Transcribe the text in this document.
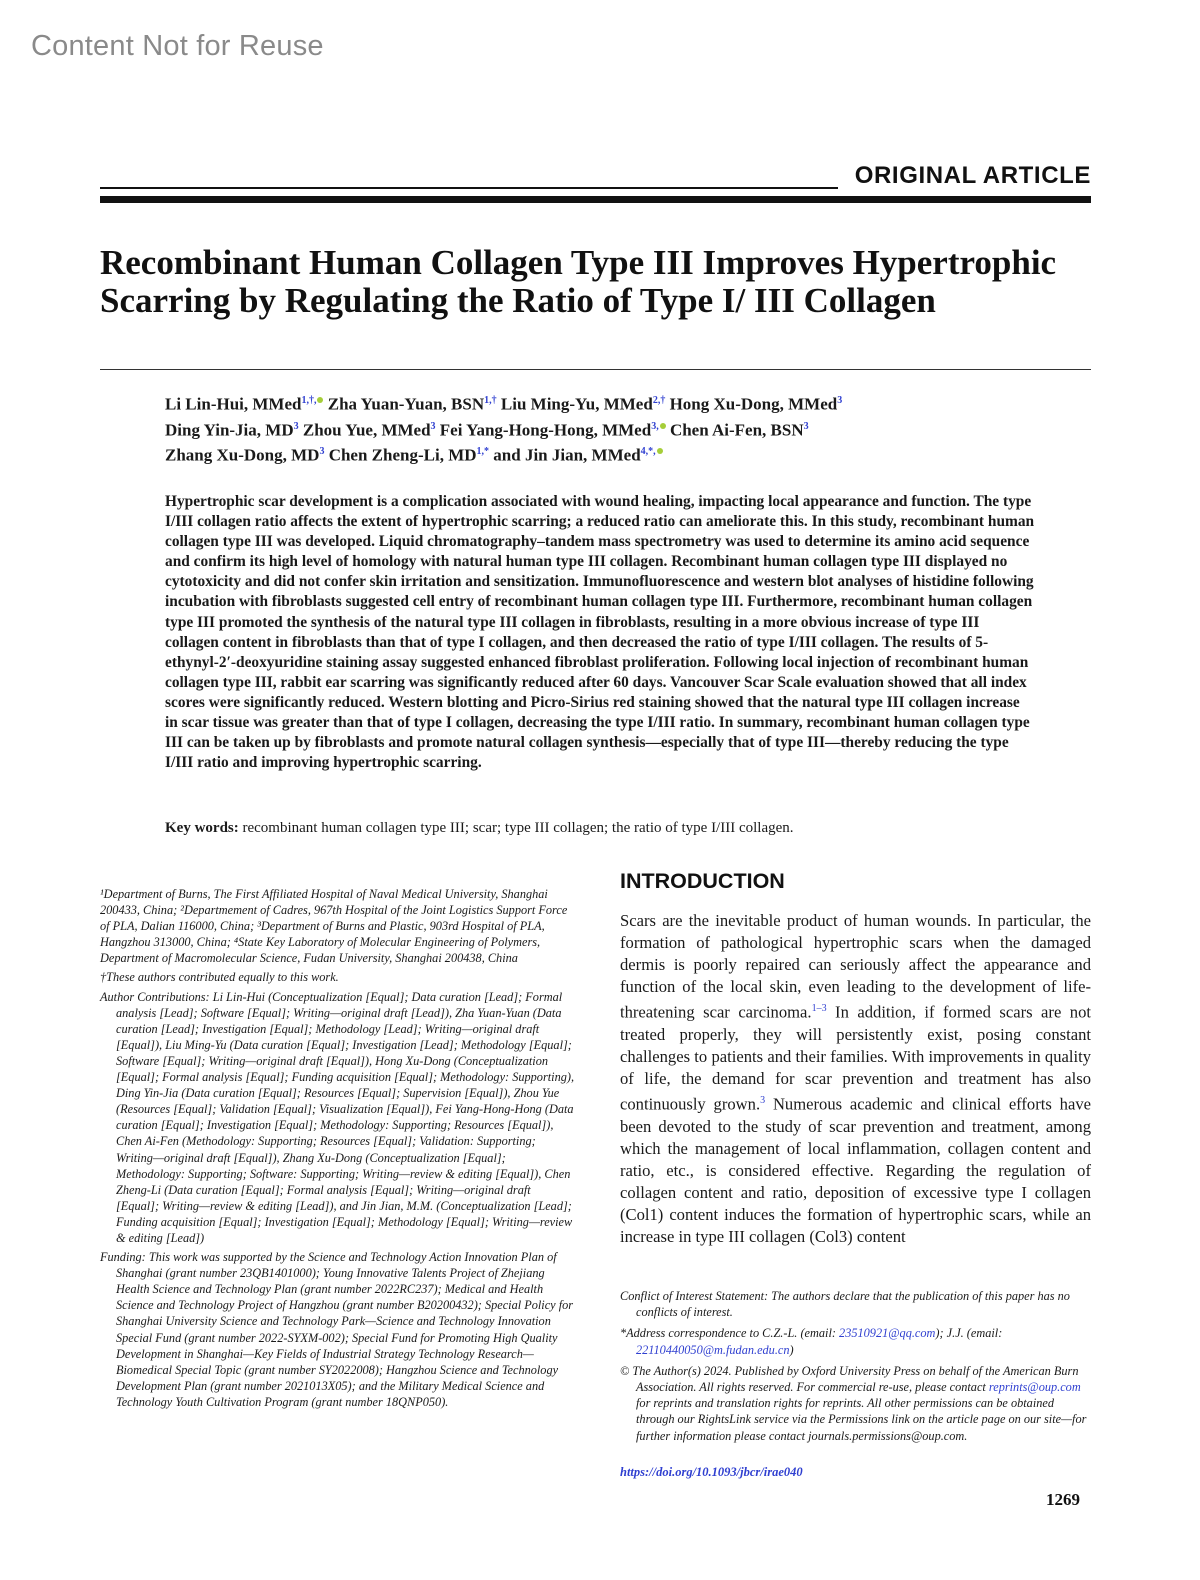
Content Not for Reuse
ORIGINAL ARTICLE
Recombinant Human Collagen Type III Improves Hypertrophic Scarring by Regulating the Ratio of Type I/ III Collagen
Li Lin-Hui, MMed$^{1,\dagger,}$ Zha Yuan-Yuan, $BSN^{1,\dagger}$ Liu Ming-Yu, MMed$^{2,\dagger}$ Hong Xu-Dong, MMed$^3$
Ding Yin-Jia, $MD^3$ Zhou Yue, MMed$^3$ Fei Yang-Hong-Hong, MMed$^{3,}$ Chen Ai-Fen, BSN$^3$
Zhang Xu-Dong, $MD^3$ Chen Zheng-Li, $MD^{1,*}$ and Jin Jian, MMed$^{4,*,}$

Hypertrophic scar development is a complication associated with wound healing, impacting local appearance and function. The type I/III collagen ratio affects the extent of hypertrophic scarring; a reduced ratio can ameliorate this. In this study, recombinant human collagen type III was developed. Liquid chromatography–tandem mass spectrometry was used to determine its amino acid sequence and confirm its high level of homology with natural human type III collagen. Recombinant human collagen type III displayed no cytotoxicity and did not confer skin irritation and sensitization. Immunofluorescence and western blot analyses of histidine following incubation with fibroblasts suggested cell entry of recombinant human collagen type III. Furthermore, recombinant human collagen type III promoted the synthesis of the natural type III collagen in fibroblasts, resulting in a more obvious increase of type III collagen content in fibroblasts than that of type I collagen, and then decreased the ratio of type I/III collagen. The results of 5-ethynyl-2′-deoxyuridine staining assay suggested enhanced fibroblast proliferation. Following local injection of recombinant human collagen type III, rabbit ear scarring was significantly reduced after 60 days. Vancouver Scar Scale evaluation showed that all index scores were significantly reduced. Western blotting and Picro-Sirius red staining showed that the natural type III collagen increase in scar tissue was greater than that of type I collagen, decreasing the type I/III ratio. In summary, recombinant human collagen type III can be taken up by fibroblasts and promote natural collagen synthesis—especially that of type III—thereby reducing the type I/III ratio and improving hypertrophic scarring.

Key words: recombinant human collagen type III; scar; type III collagen; the ratio of type I/III collagen.

¹Department of Burns, The First Affiliated Hospital of Naval Medical University, Shanghai 200433, China; ²Departmement of Cadres, 967th Hospital of the Joint Logistics Support Force of PLA, Dalian 116000, China; ³Department of Burns and Plastic, 903rd Hospital of PLA, Hangzhou 313000, China; ⁴State Key Laboratory of Molecular Engineering of Polymers, Department of Macromolecular Science, Fudan University, Shanghai 200438, China

†These authors contributed equally to this work.

Author Contributions: Li Lin-Hui (Conceptualization [Equal]; Data curation [Lead]; Formal analysis [Lead]; Software [Equal]; Writing—original draft [Lead]), Zha Yuan-Yuan (Data curation [Lead]; Investigation [Equal]; Methodology [Lead]; Writing—original draft [Equal]), Liu Ming-Yu (Data curation [Equal]; Investigation [Lead]; Methodology [Equal]; Software [Equal]; Writing—original draft [Equal]), Hong Xu-Dong (Conceptualization [Equal]; Formal analysis [Equal]; Funding acquisition [Equal]; Methodology: Supporting), Ding Yin-Jia (Data curation [Equal]; Resources [Equal]; Supervision [Equal]), Zhou Yue (Resources [Equal]; Validation [Equal]; Visualization [Equal]), Fei Yang-Hong-Hong (Data curation [Equal]; Investigation [Equal]; Methodology: Supporting; Resources [Equal]), Chen Ai-Fen (Methodology: Supporting; Resources [Equal]; Validation: Supporting; Writing—original draft [Equal]), Zhang Xu-Dong (Conceptualization [Equal]; Methodology: Supporting; Software: Supporting; Writing—review & editing [Equal]), Chen Zheng-Li (Data curation [Equal]; Formal analysis [Equal]; Writing—original draft [Equal]; Writing—review & editing [Lead]), and Jin Jian, M.M. (Conceptualization [Lead]; Funding acquisition [Equal]; Investigation [Equal]; Methodology [Equal]; Writing—review & editing [Lead])

Funding: This work was supported by the Science and Technology Action Innovation Plan of Shanghai (grant number 23QB1401000); Young Innovative Talents Project of Zhejiang Health Science and Technology Plan (grant number 2022RC237); Medical and Health Science and Technology Project of Hangzhou (grant number B20200432); Special Policy for Shanghai University Science and Technology Park—Science and Technology Innovation Special Fund (grant number 2022-SYXM-002); Special Fund for Promoting High Quality Development in Shanghai—Key Fields of Industrial Strategy Technology Research—Biomedical Special Topic (grant number SY2022008); Hangzhou Science and Technology Development Plan (grant number 2021013X05); and the Military Medical Science and Technology Youth Cultivation Program (grant number 18QNP050).

INTRODUCTION

Scars are the inevitable product of human wounds. In particular, the formation of pathological hypertrophic scars when the damaged dermis is poorly repaired can seriously affect the appearance and function of the local skin, even leading to the development of life-threatening scar carcinoma.$^{1-3}$ In addition, if formed scars are not treated properly, they will persistently exist, posing constant challenges to patients and their families. With improvements in quality of life, the demand for scar prevention and treatment has also continuously grown.$^3$ Numerous academic and clinical efforts have been devoted to the study of scar prevention and treatment, among which the management of local inflammation, collagen content and ratio, etc., is considered effective. Regarding the regulation of collagen content and ratio, deposition of excessive type I collagen (Col1) content induces the formation of hypertrophic scars, while an increase in type III collagen (Col3) content

Conflict of Interest Statement: The authors declare that the publication of this paper has no conflicts of interest.

*Address correspondence to C.Z.-L. (email: 23510921@qq.com); J.J. (email: 22110440050@m.fudan.edu.cn)

© The Author(s) 2024. Published by Oxford University Press on behalf of the American Burn Association. All rights reserved. For commercial re-use, please contact reprints@oup.com for reprints and translation rights for reprints. All other permissions can be obtained through our RightsLink service via the Permissions link on the article page on our site—for further information please contact journals.permissions@oup.com.

https://doi.org/10.1093/jbcr/irae040
1269
